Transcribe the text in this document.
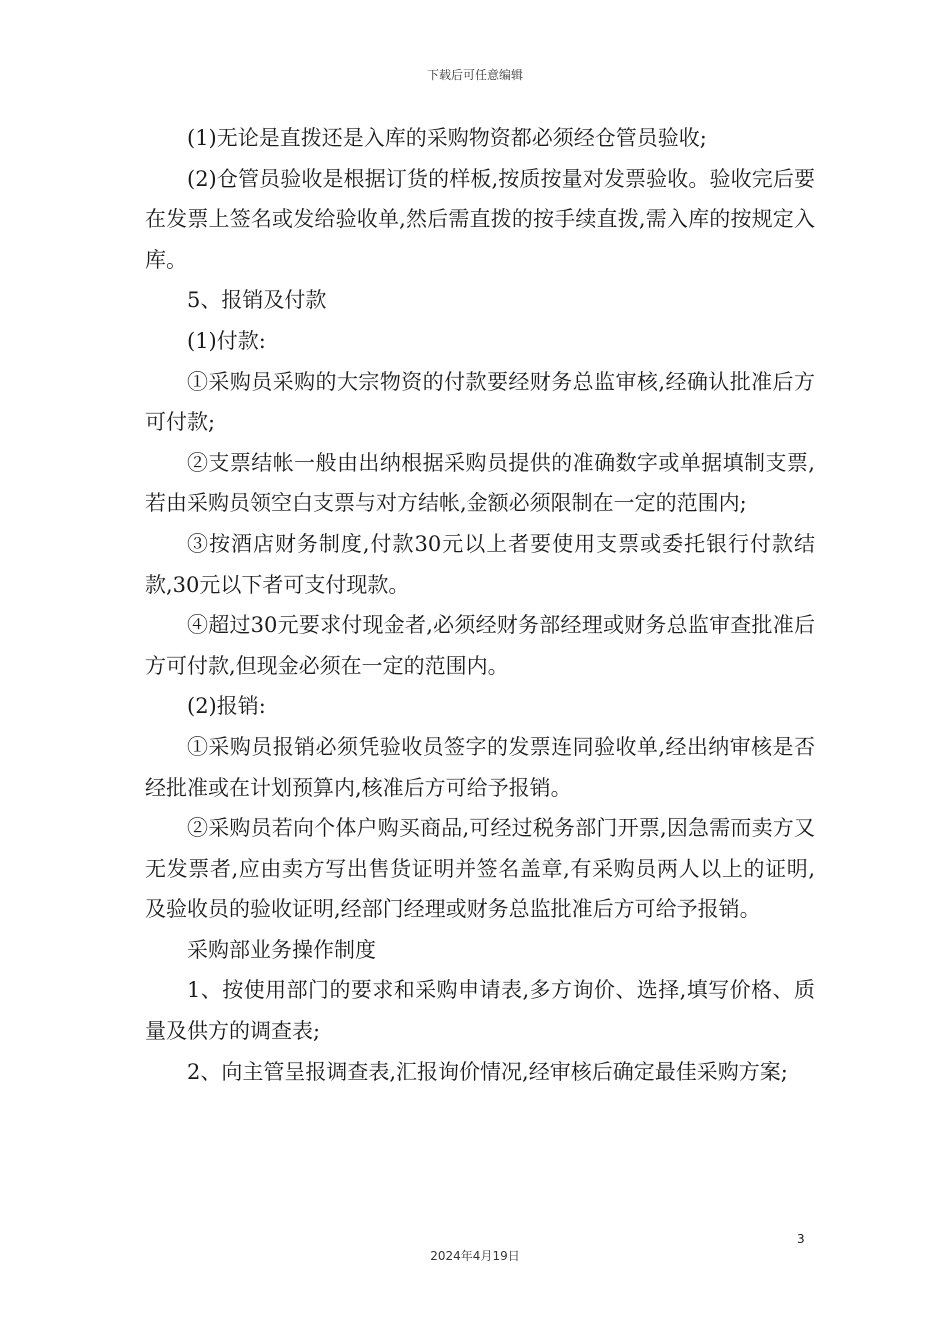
下载后可任意编辑

(1)无论是直拨还是入库的采购物资都必须经仓管员验收;

(2)仓管员验收是根据订货的样板,按质按量对发票验收。验收完后要在发票上签名或发给验收单,然后需直拨的按手续直拨,需入库的按规定入库。

5、报销及付款

(1)付款:

①采购员采购的大宗物资的付款要经财务总监审核,经确认批准后方可付款;

②支票结帐一般由出纳根据采购员提供的准确数字或单据填制支票,若由采购员领空白支票与对方结帐,金额必须限制在一定的范围内;

③按酒店财务制度,付款30元以上者要使用支票或委托银行付款结款,30元以下者可支付现款。

④超过30元要求付现金者,必须经财务部经理或财务总监审查批准后方可付款,但现金必须在一定的范围内。

(2)报销:

①采购员报销必须凭验收员签字的发票连同验收单,经出纳审核是否经批准或在计划预算内,核准后方可给予报销。

②采购员若向个体户购买商品,可经过税务部门开票,因急需而卖方又无发票者,应由卖方写出售货证明并签名盖章,有采购员两人以上的证明,及验收员的验收证明,经部门经理或财务总监批准后方可给予报销。

采购部业务操作制度

1、按使用部门的要求和采购申请表,多方询价、选择,填写价格、质量及供方的调查表;

2、向主管呈报调查表,汇报询价情况,经审核后确定最佳采购方案;

3
2024年4月19日
